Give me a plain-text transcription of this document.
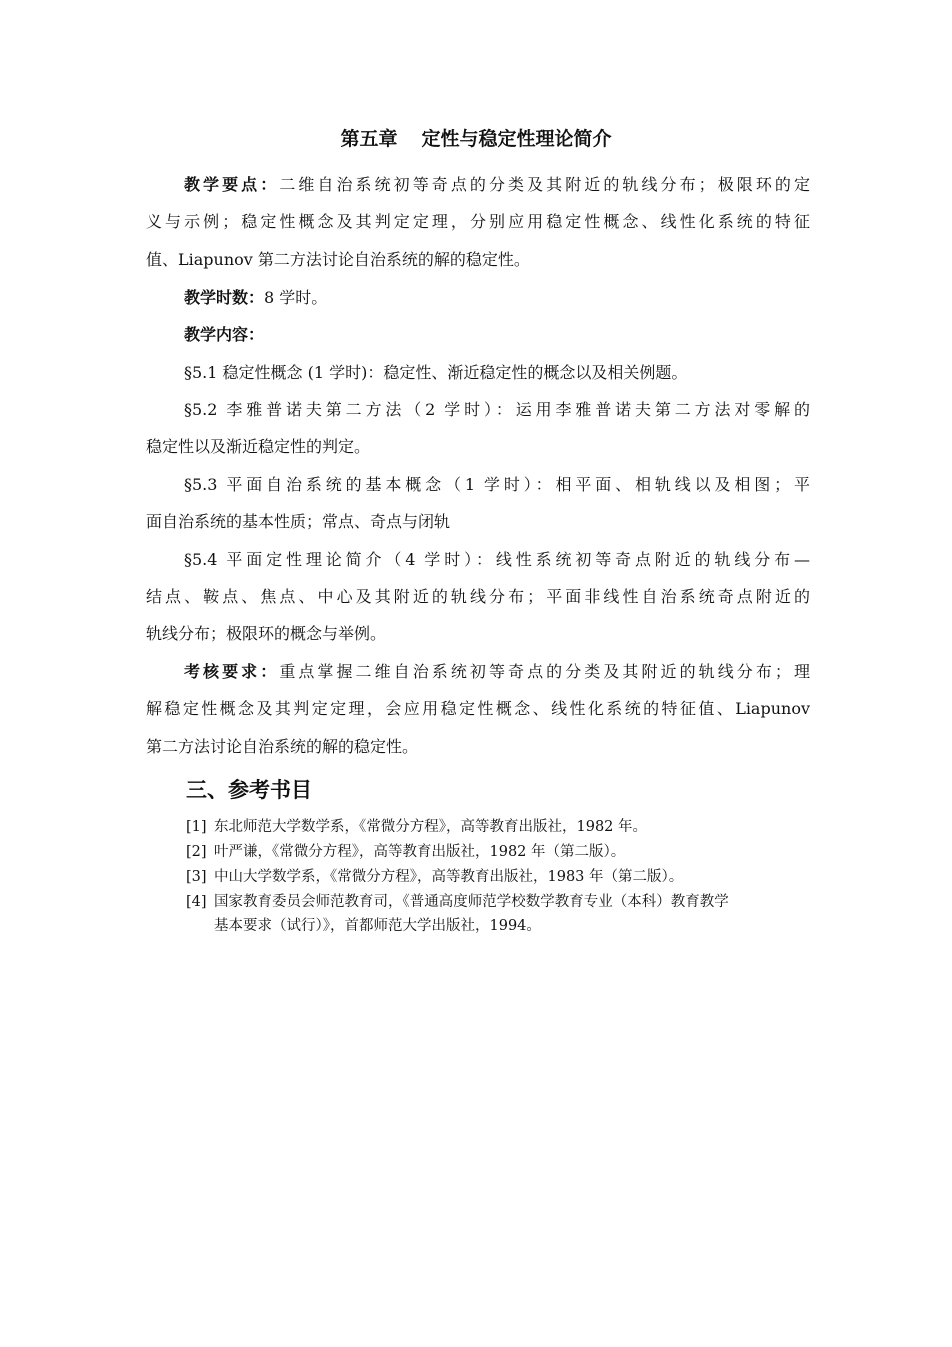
第五章 定性与稳定性理论简介
教学要点：二维自治系统初等奇点的分类及其附近的轨线分布；极限环的定
义与示例；稳定性概念及其判定定理，分别应用稳定性概念、线性化系统的特征
值、Liapunov 第二方法讨论自治系统的解的稳定性。
教学时数：8 学时。
教学内容：
§5.1 稳定性概念 (1 学时)：稳定性、渐近稳定性的概念以及相关例题。
§5.2 李雅普诺夫第二方法（2 学时）：运用李雅普诺夫第二方法对零解的
稳定性以及渐近稳定性的判定。
§5.3 平面自治系统的基本概念（1 学时）：相平面、相轨线以及相图；平
面自治系统的基本性质；常点、奇点与闭轨
§5.4 平面定性理论简介（4 学时）：线性系统初等奇点附近的轨线分布—
结点、鞍点、焦点、中心及其附近的轨线分布；平面非线性自治系统奇点附近的
轨线分布；极限环的概念与举例。
考核要求：重点掌握二维自治系统初等奇点的分类及其附近的轨线分布；理
解稳定性概念及其判定定理，会应用稳定性概念、线性化系统的特征值、Liapunov
第二方法讨论自治系统的解的稳定性。
三、参考书目
[1] 东北师范大学数学系，《常微分方程》，高等教育出版社，1982 年。
[2] 叶严谦，《常微分方程》，高等教育出版社，1982 年（第二版）。
[3] 中山大学数学系，《常微分方程》，高等教育出版社，1983 年（第二版）。
[4] 国家教育委员会师范教育司，《普通高度师范学校数学教育专业（本科）教育教学
基本要求（试行）》，首都师范大学出版社，1994。
